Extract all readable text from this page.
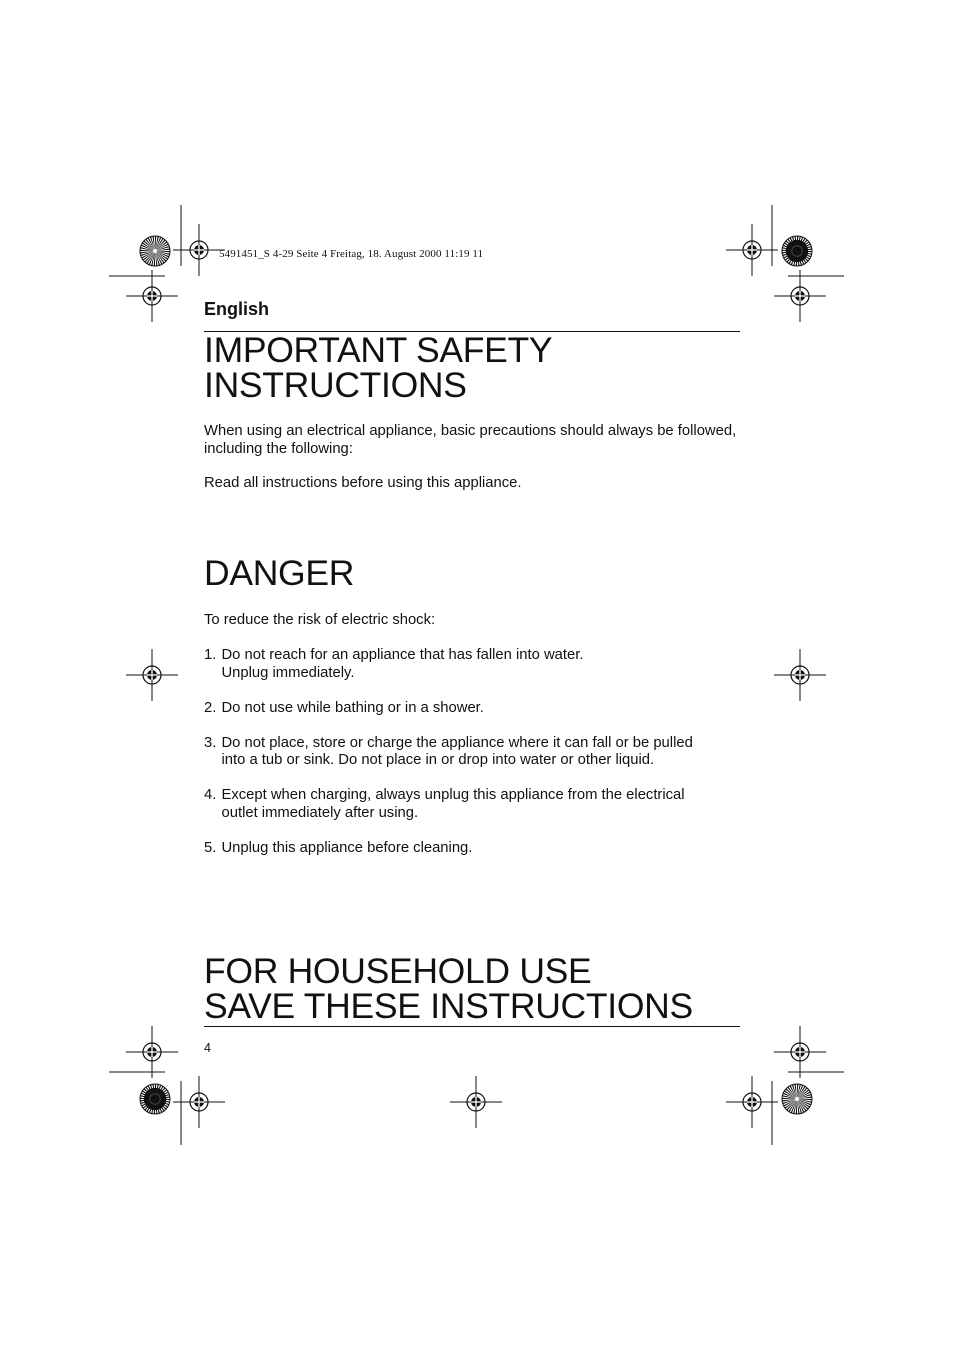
5491451_S 4-29 Seite 4 Freitag, 18. August 2000 11:19 11
English
IMPORTANT SAFETY
INSTRUCTIONS
When using an electrical appliance, basic precautions should always be followed, including the following:
Read all instructions before using this appliance.
DANGER
To reduce the risk of electric shock:
1. Do not reach for an appliance that has fallen into water.
Unplug immediately.
2. Do not use while bathing or in a shower.
3. Do not place, store or charge the appliance where it can fall or be pulled
into a tub or sink. Do not place in or drop into water or other liquid.
4. Except when charging, always unplug this appliance from the electrical
outlet immediately after using.
5. Unplug this appliance before cleaning.
FOR HOUSEHOLD USE
SAVE THESE INSTRUCTIONS
4
